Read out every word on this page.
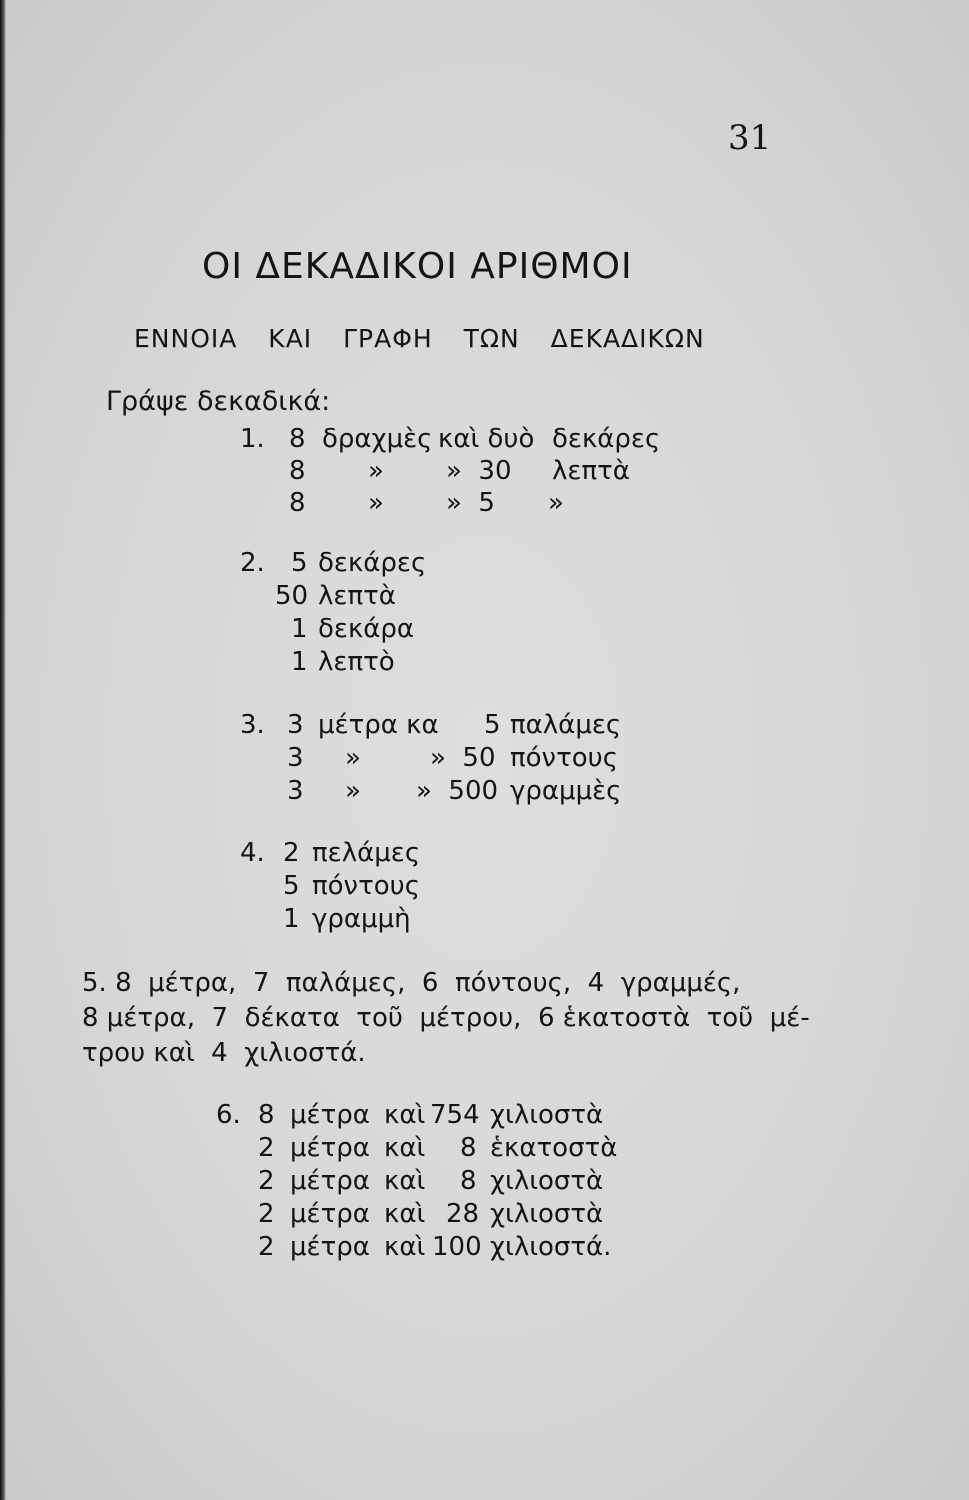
31
ΟΙ ΔΕΚΑΔΙΚΟΙ ΑΡΙΘΜΟΙ
ΕΝΝΟΙΑ ΚΑΙ ΓΡΑΦΗ ΤΩΝ ΔΕΚΑΔΙΚΩΝ
Γράψε δεκαδικά:
1. 8 δραχμὲς καὶ δυὸ δεκάρες
8 » »  30 λεπτὰ
8 » »  5 »
2. 5 δεκάρες
50 λεπτὰ
1 δεκάρα
1 λεπτὸ
3. 3 μέτρα κα 5 παλάμες
3 »	»  50 πόντους
3 » »  500 γραμμὲς
4. 2 πελάμες
5 πόντους
1 γραμμὴ
5. 8  μέτρα,  7  παλάμες,  6  πόντους,  4  γραμμές,
8 μέτρα,  7  δέκατα  τοῦ  μέτρου,  6 ἑκατοστὰ  τοῦ  μέ-
τρου καὶ  4  χιλιοστά.
6. 8 μέτρα καὶ 754 χιλιοστὰ
2 μέτρα καὶ 8 ἑκατοστὰ
2 μέτρα καὶ 8 χιλιοστὰ
2 μέτρα καὶ 28 χιλιοστὰ
2 μέτρα καὶ 100 χιλιοστά.
